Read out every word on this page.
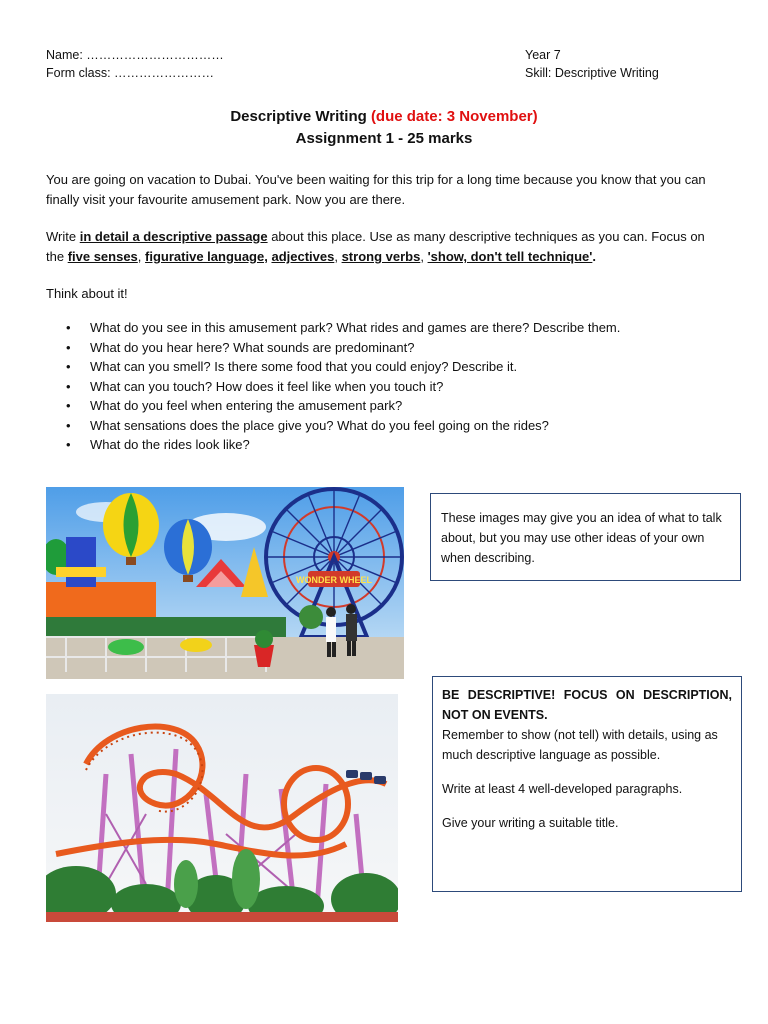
Name: ……………………………
Form class: ……………………
Year 7
Skill: Descriptive Writing
Descriptive Writing (due date: 3 November)
Assignment 1 - 25 marks
You are going on vacation to Dubai. You've been waiting for this trip for a long time because you know that you can finally visit your favourite amusement park. Now you are there.
Write in detail a descriptive passage about this place. Use as many descriptive techniques as you can. Focus on the five senses, figurative language, adjectives, strong verbs, 'show, don't tell technique'.
Think about it!
• What do you see in this amusement park? What rides and games are there? Describe them.
• What do you hear here? What sounds are predominant?
• What can you smell? Is there some food that you could enjoy? Describe it.
• What can you touch? How does it feel like when you touch it?
• What do you feel when entering the amusement park?
• What sensations does the place give you? What do you feel going on the rides?
• What do the rides look like?
WONDER WHEEL
These images may give you an idea of what to talk about, but you may use other ideas of your own when describing.

BE DESCRIPTIVE! FOCUS ON DESCRIPTION, NOT ON EVENTS.

Remember to show (not tell) with details, using as much descriptive language as possible.

Write at least 4 well-developed paragraphs.

Give your writing a suitable title.
